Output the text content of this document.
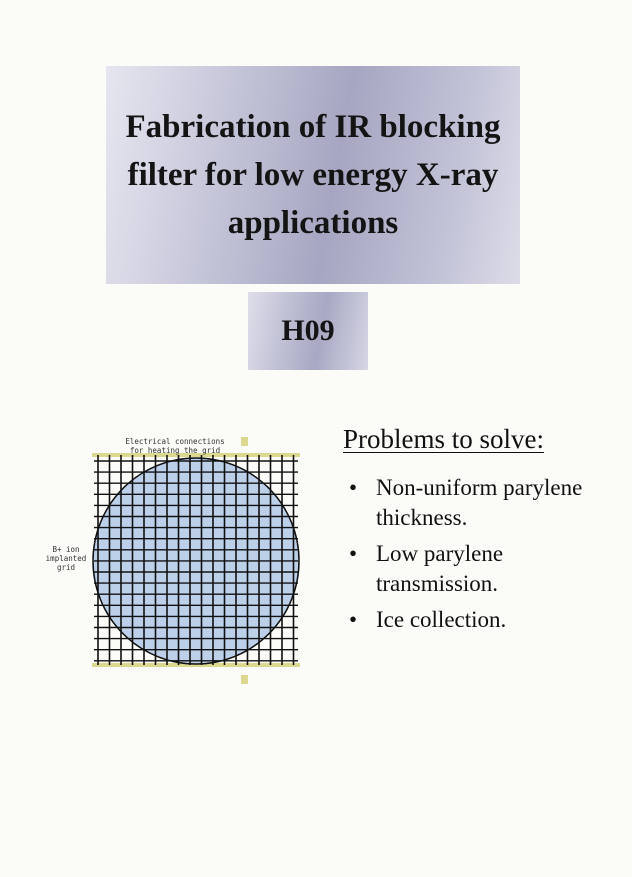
Fabrication of IR blocking filter for low energy X-ray applications
H09
Electrical connections
for heating the grid
B+ ion
implanted
grid
Problems to solve:
• Non-uniform parylene thickness.
• Low parylene transmission.
• Ice collection.
